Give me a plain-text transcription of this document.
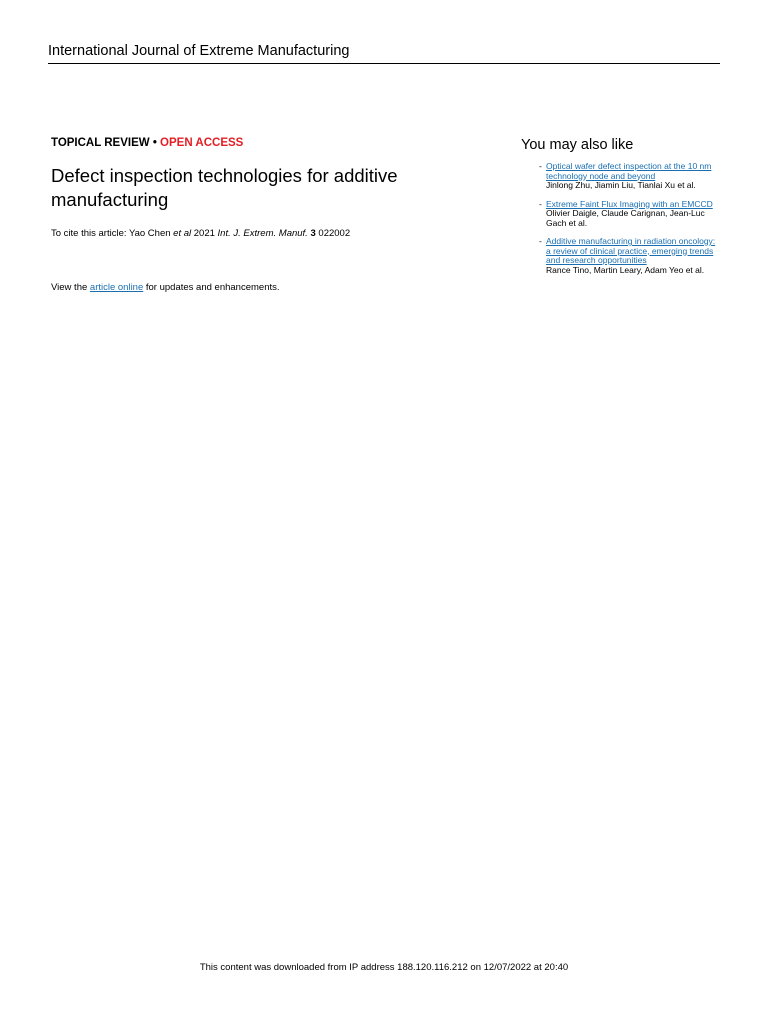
International Journal of Extreme Manufacturing
TOPICAL REVIEW • OPEN ACCESS
Defect inspection technologies for additive manufacturing
To cite this article: Yao Chen et al 2021 Int. J. Extrem. Manuf. 3 022002
View the article online for updates and enhancements.
You may also like
- Optical wafer defect inspection at the 10 nm technology node and beyond
Jinlong Zhu, Jiamin Liu, Tianlai Xu et al.
- Extreme Faint Flux Imaging with an EMCCD
Olivier Daigle, Claude Carignan, Jean-Luc Gach et al.
- Additive manufacturing in radiation oncology: a review of clinical practice, emerging trends and research opportunities
Rance Tino, Martin Leary, Adam Yeo et al.
This content was downloaded from IP address 188.120.116.212 on 12/07/2022 at 20:40
